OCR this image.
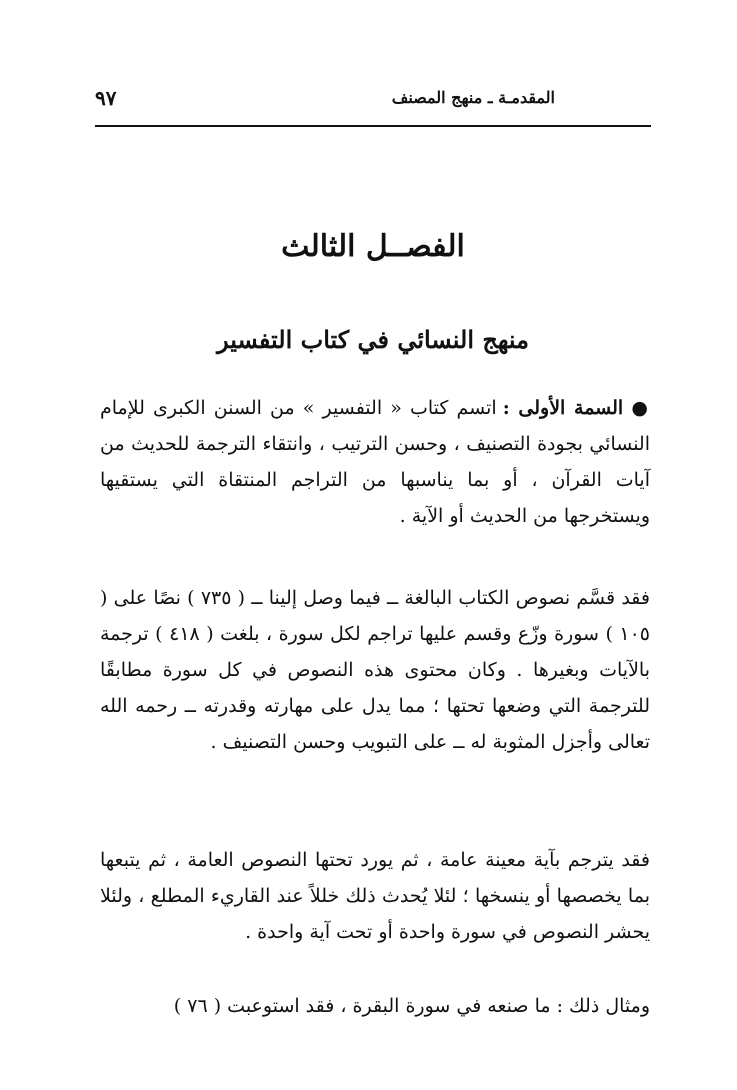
المقدمـة ـ منهج المصنف
٩٧
الفصــل الثالث
منهج النسائي في كتاب التفسير
● السمة الأولى : اتسم كتاب « التفسير » من السنن الكبرى للإمام النسائي بجودة التصنيف ، وحسن الترتيب ، وانتقاء الترجمة للحديث من آيات القرآن ، أو بما يناسبها من التراجم المنتقاة التي يستقيها ويستخرجها من الحديث أو الآية .
فقد قسَّم نصوص الكتاب البالغة ــ فيما وصل إلينا ــ ( ٧٣٥ ) نصًا على ( ١٠٥ ) سورة وزّع وقسم عليها تراجم لكل سورة ، بلغت ( ٤١٨ ) ترجمة بالآيات وبغيرها . وكان محتوى هذه النصوص في كل سورة مطابقًا للترجمة التي وضعها تحتها ؛ مما يدل على مهارته وقدرته ــ رحمه الله تعالى وأجزل المثوبة له ــ على التبويب وحسن التصنيف .
فقد يترجم بآية معينة عامة ، ثم يورد تحتها النصوص العامة ، ثم يتبعها بما يخصصها أو ينسخها ؛ لئلا يُحدث ذلك خللاً عند القاريء المطلع ، ولئلا يحشر النصوص في سورة واحدة أو تحت آية واحدة .
ومثال ذلك : ما صنعه في سورة البقرة ، فقد استوعبت ( ٧٦ )
